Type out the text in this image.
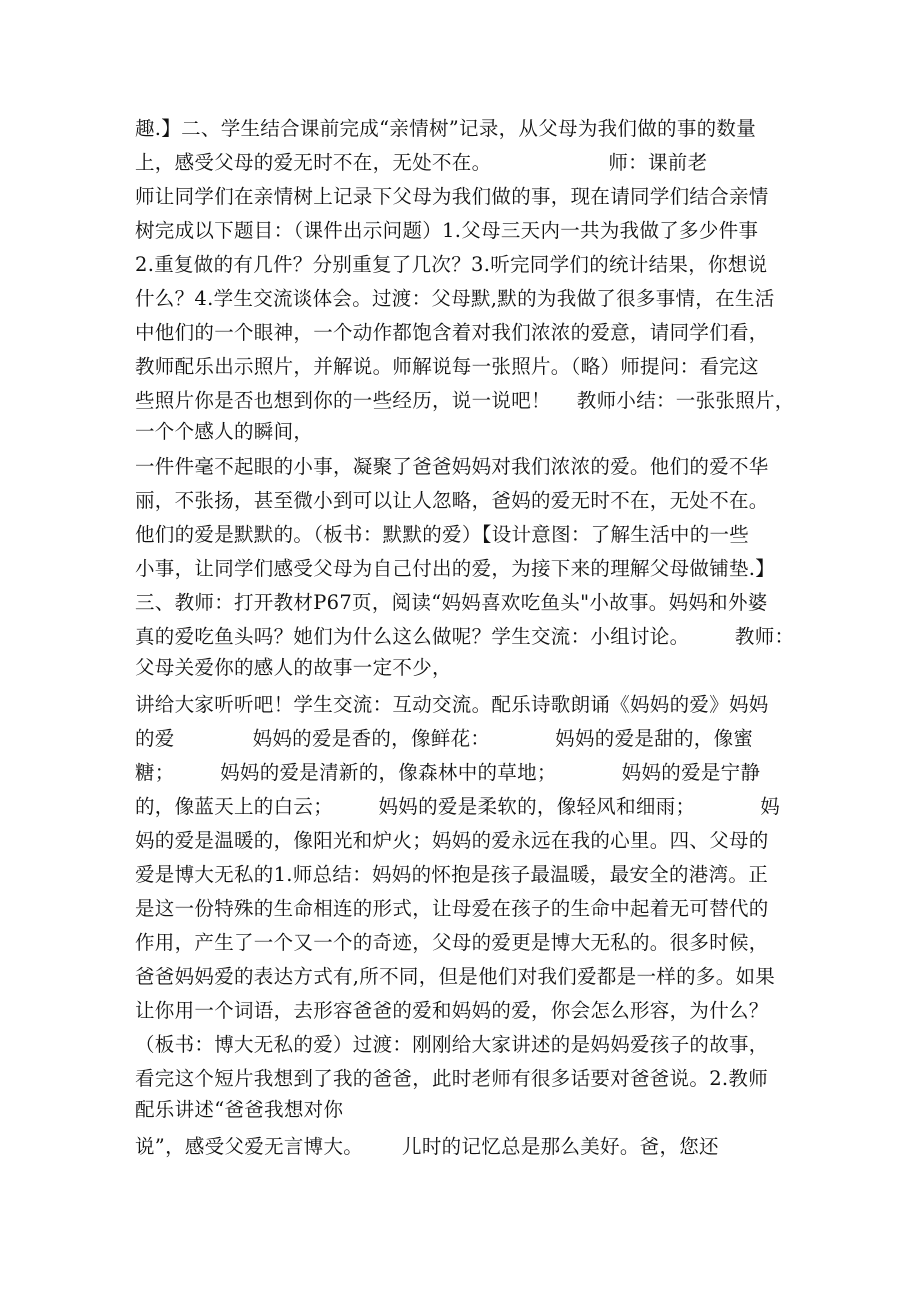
趣.】二、学生结合课前完成“亲情树”记录，从父母为我们做的事的数量
上，感受父母的爱无时不在，无处不在。                  师：课前老
师让同学们在亲情树上记录下父母为我们做的事，现在请同学们结合亲情
树完成以下题目：（课件出示问题）1.父母三天内一共为我做了多少件事
2.重复做的有几件？分别重复了几次？3.听完同学们的统计结果，你想说
什么？4.学生交流谈体会。过渡：父母默,默的为我做了很多事情，在生活
中他们的一个眼神，一个动作都饱含着对我们浓浓的爱意，请同学们看，
教师配乐出示照片，并解说。师解说每一张照片。（略）师提问：看完这
些照片你是否也想到你的一些经历，说一说吧！    教师小结：一张张照片，
一个个感人的瞬间，
一件件毫不起眼的小事，凝聚了爸爸妈妈对我们浓浓的爱。他们的爱不华
丽，不张扬，甚至微小到可以让人忽略，爸妈的爱无时不在，无处不在。
他们的爱是默默的。（板书：默默的爱）【设计意图：了解生活中的一些
小事，让同学们感受父母为自己付出的爱，为接下来的理解父母做铺垫.】
三、教师：打开教材P67页，阅读“妈妈喜欢吃鱼头"小故事。妈妈和外婆
真的爱吃鱼头吗？她们为什么这么做呢？学生交流：小组讨论。       教师：
父母关爱你的感人的故事一定不少，
讲给大家听听吧！学生交流：互动交流。配乐诗歌朗诵《妈妈的爱》妈妈
的爱            妈妈的爱是香的，像鲜花：          妈妈的爱是甜的，像蜜
糖；       妈妈的爱是清新的，像森林中的草地；          妈妈的爱是宁静
的，像蓝天上的白云；       妈妈的爱是柔软的，像轻风和细雨；          妈
妈的爱是温暖的，像阳光和炉火；妈妈的爱永远在我的心里。四、父母的
爱是博大无私的1.师总结：妈妈的怀抱是孩子最温暖，最安全的港湾。正
是这一份特殊的生命相连的形式，让母爱在孩子的生命中起着无可替代的
作用，产生了一个又一个的奇迹，父母的爱更是博大无私的。很多时候，
爸爸妈妈爱的表达方式有,所不同，但是他们对我们爱都是一样的多。如果
让你用一个词语，去形容爸爸的爱和妈妈的爱，你会怎么形容，为什么？
（板书：博大无私的爱）过渡：刚刚给大家讲述的是妈妈爱孩子的故事，
看完这个短片我想到了我的爸爸，此时老师有很多话要对爸爸说。2.教师
配乐讲述“爸爸我想对你
说”，感受父爱无言博大。      儿时的记忆总是那么美好。爸，您还
